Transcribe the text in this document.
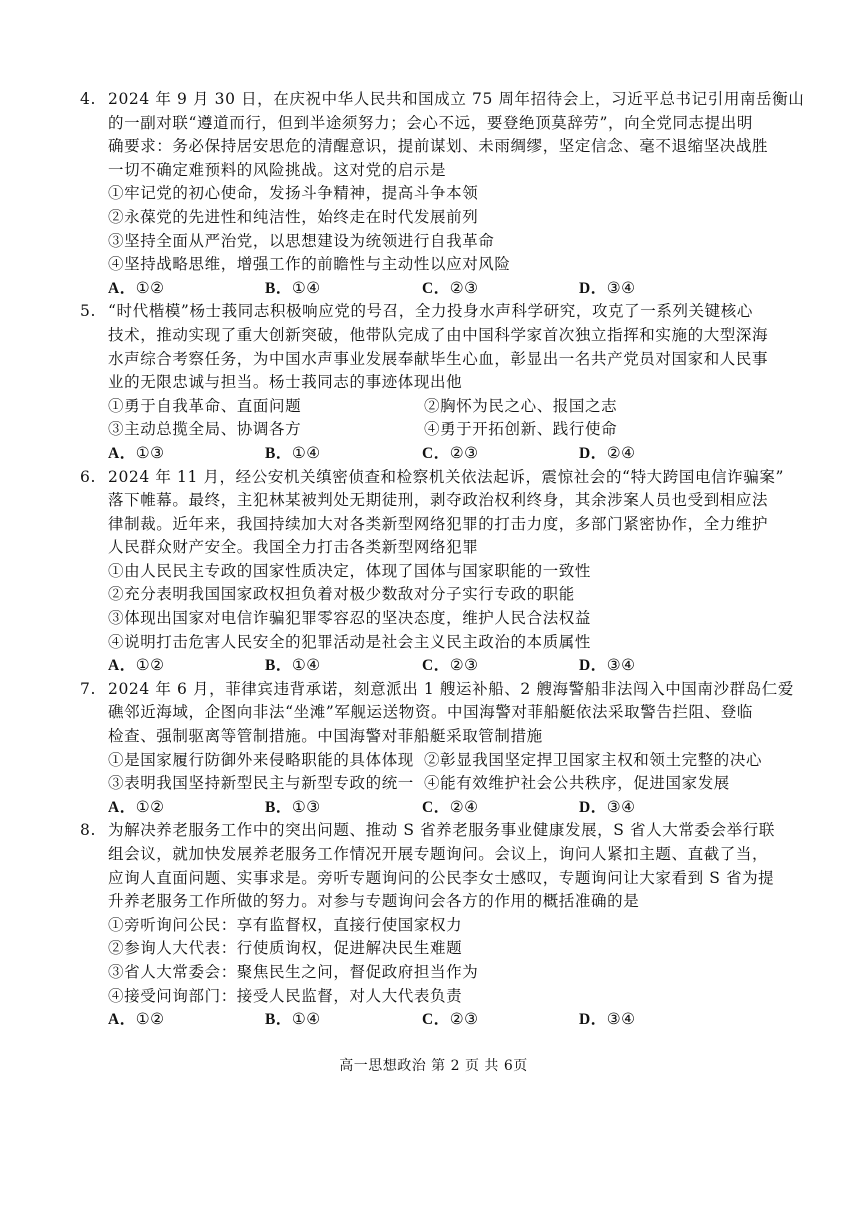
4. 2024 年 9 月 30 日，在庆祝中华人民共和国成立 75 周年招待会上，习近平总书记引用南岳衡山
的一副对联“遵道而行，但到半途须努力；会心不远，要登绝顶莫辞劳”，向全党同志提出明
确要求：务必保持居安思危的清醒意识，提前谋划、未雨绸缪，坚定信念、毫不退缩坚决战胜
一切不确定难预料的风险挑战。这对党的启示是
①牢记党的初心使命，发扬斗争精神，提高斗争本领
②永葆党的先进性和纯洁性，始终走在时代发展前列
③坚持全面从严治党，以思想建设为统领进行自我革命
④坚持战略思维，增强工作的前瞻性与主动性以应对风险
A．①②	B．①④	C．②③	D．③④
5. “时代楷模”杨士莪同志积极响应党的号召，全力投身水声科学研究，攻克了一系列关键核心
技术，推动实现了重大创新突破，他带队完成了由中国科学家首次独立指挥和实施的大型深海
水声综合考察任务，为中国水声事业发展奉献毕生心血，彰显出一名共产党员对国家和人民事
业的无限忠诚与担当。杨士莪同志的事迹体现出他
①勇于自我革命、直面问题	②胸怀为民之心、报国之志
③主动总揽全局、协调各方	④勇于开拓创新、践行使命
A．①③	B．①④	C．②③	D．②④
6. 2024 年 11 月，经公安机关缜密侦查和检察机关依法起诉，震惊社会的“特大跨国电信诈骗案”
落下帷幕。最终，主犯林某被判处无期徒刑，剥夺政治权利终身，其余涉案人员也受到相应法
律制裁。近年来，我国持续加大对各类新型网络犯罪的打击力度，多部门紧密协作，全力维护
人民群众财产安全。我国全力打击各类新型网络犯罪
①由人民民主专政的国家性质决定，体现了国体与国家职能的一致性
②充分表明我国国家政权担负着对极少数敌对分子实行专政的职能
③体现出国家对电信诈骗犯罪零容忍的坚决态度，维护人民合法权益
④说明打击危害人民安全的犯罪活动是社会主义民主政治的本质属性
A．①②	B．①④	C．②③	D．③④
7. 2024 年 6 月，菲律宾违背承诺，刻意派出 1 艘运补船、2 艘海警船非法闯入中国南沙群岛仁爱
礁邻近海域，企图向非法“坐滩”军舰运送物资。中国海警对菲船艇依法采取警告拦阻、登临
检查、强制驱离等管制措施。中国海警对菲船艇采取管制措施
①是国家履行防御外来侵略职能的具体体现 ②彰显我国坚定捍卫国家主权和领土完整的决心
③表明我国坚持新型民主与新型专政的统一 ④能有效维护社会公共秩序，促进国家发展
A．①②	B．①③	C．②④	D．③④
8. 为解决养老服务工作中的突出问题、推动 S 省养老服务事业健康发展，S 省人大常委会举行联
组会议，就加快发展养老服务工作情况开展专题询问。会议上，询问人紧扣主题、直截了当，
应询人直面问题、实事求是。旁听专题询问的公民李女士感叹，专题询问让大家看到 S 省为提
升养老服务工作所做的努力。对参与专题询问会各方的作用的概括准确的是
①旁听询问公民：享有监督权，直接行使国家权力
②参询人大代表：行使质询权，促进解决民生难题
③省人大常委会：聚焦民生之问，督促政府担当作为
④接受问询部门：接受人民监督，对人大代表负责
A．①②	B．①④	C．②③	D．③④
高一思想政治 第 2 页 共 6页
